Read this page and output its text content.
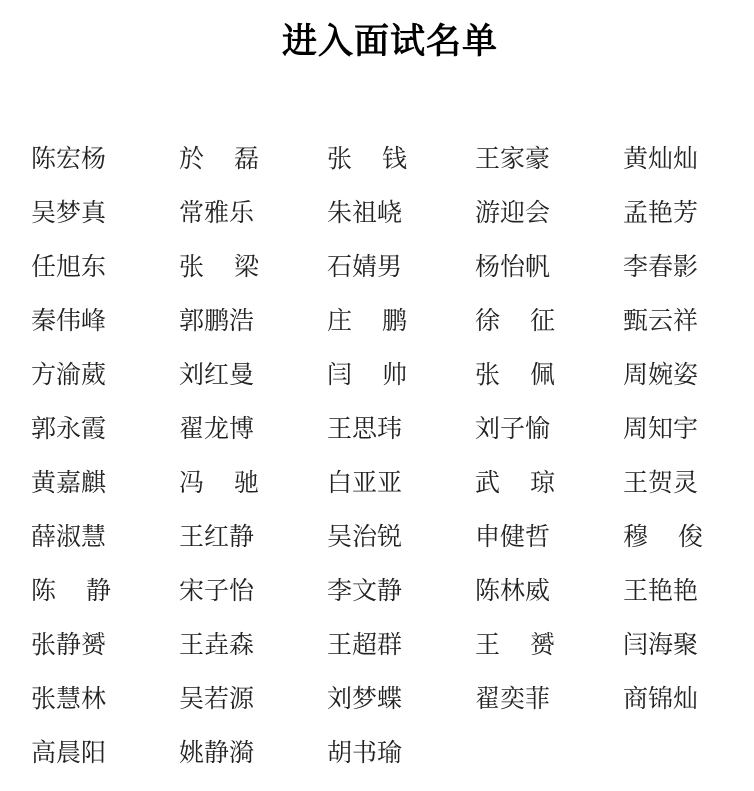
进入面试名单
陈宏杨	於 磊	张 钱	王家豪	黄灿灿
吴梦真	常雅乐	朱祖峣	游迎会	孟艳芳
任旭东	张 梁	石婧男	杨怡帆	李春影
秦伟峰	郭鹏浩	庄 鹏	徐 征	甄云祥
方渝葳	刘红曼	闫 帅	张 佩	周婉姿
郭永霞	翟龙博	王思玮	刘子愉	周知宇
黄嘉麒	冯 驰	白亚亚	武 琼	王贺灵
薛淑慧	王红静	吴治锐	申健哲	穆 俊
陈 静	宋子怡	李文静	陈林威	王艳艳
张静赟	王垚森	王超群	王 赟	闫海聚
张慧林	吴若源	刘梦蝶	翟奕菲	商锦灿
高晨阳	姚静漪	胡书瑜
